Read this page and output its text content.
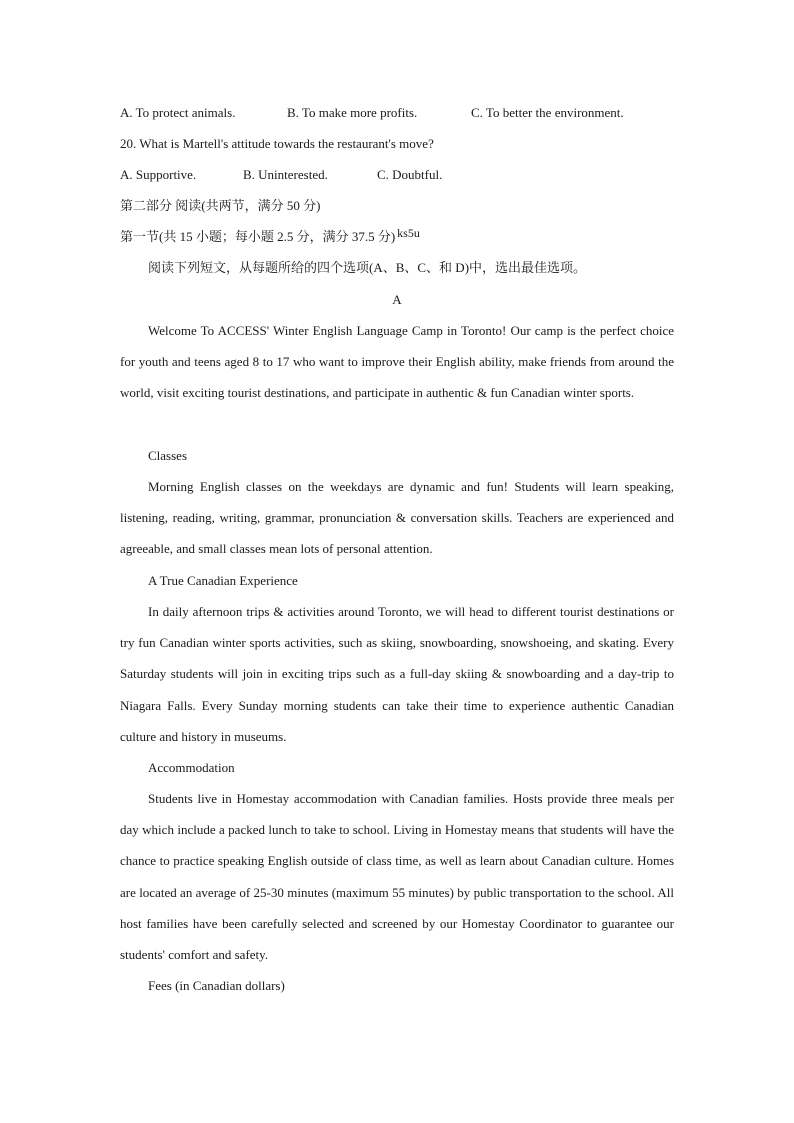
A. To protect animals.	B. To make more profits.	C. To better the environment.
20. What is Martell's attitude towards the restaurant's move?
A. Supportive.	B. Uninterested.	C. Doubtful.
第二部分 阅读(共两节，满分 50 分)
第一节(共 15 小题；每小题 2.5 分，满分 37.5 分) ks5u
阅读下列短文，从每题所给的四个选项(A、B、C、和 D)中，选出最佳选项。
A
Welcome To ACCESS' Winter English Language Camp in Toronto! Our camp is the perfect choice for youth and teens aged 8 to 17 who want to improve their English ability, make friends from around the world, visit exciting tourist destinations, and participate in authentic & fun Canadian winter sports.
Classes
Morning English classes on the weekdays are dynamic and fun! Students will learn speaking, listening, reading, writing, grammar, pronunciation & conversation skills. Teachers are experienced and agreeable, and small classes mean lots of personal attention.
A True Canadian Experience
In daily afternoon trips & activities around Toronto, we will head to different tourist destinations or try fun Canadian winter sports activities, such as skiing, snowboarding, snowshoeing, and skating. Every Saturday students will join in exciting trips such as a full-day skiing & snowboarding and a day-trip to Niagara Falls. Every Sunday morning students can take their time to experience authentic Canadian culture and history in museums.
Accommodation
Students live in Homestay accommodation with Canadian families. Hosts provide three meals per day which include a packed lunch to take to school. Living in Homestay means that students will have the chance to practice speaking English outside of class time, as well as learn about Canadian culture. Homes are located an average of 25-30 minutes (maximum 55 minutes) by public transportation to the school. All host families have been carefully selected and screened by our Homestay Coordinator to guarantee our students' comfort and safety.
Fees (in Canadian dollars)
